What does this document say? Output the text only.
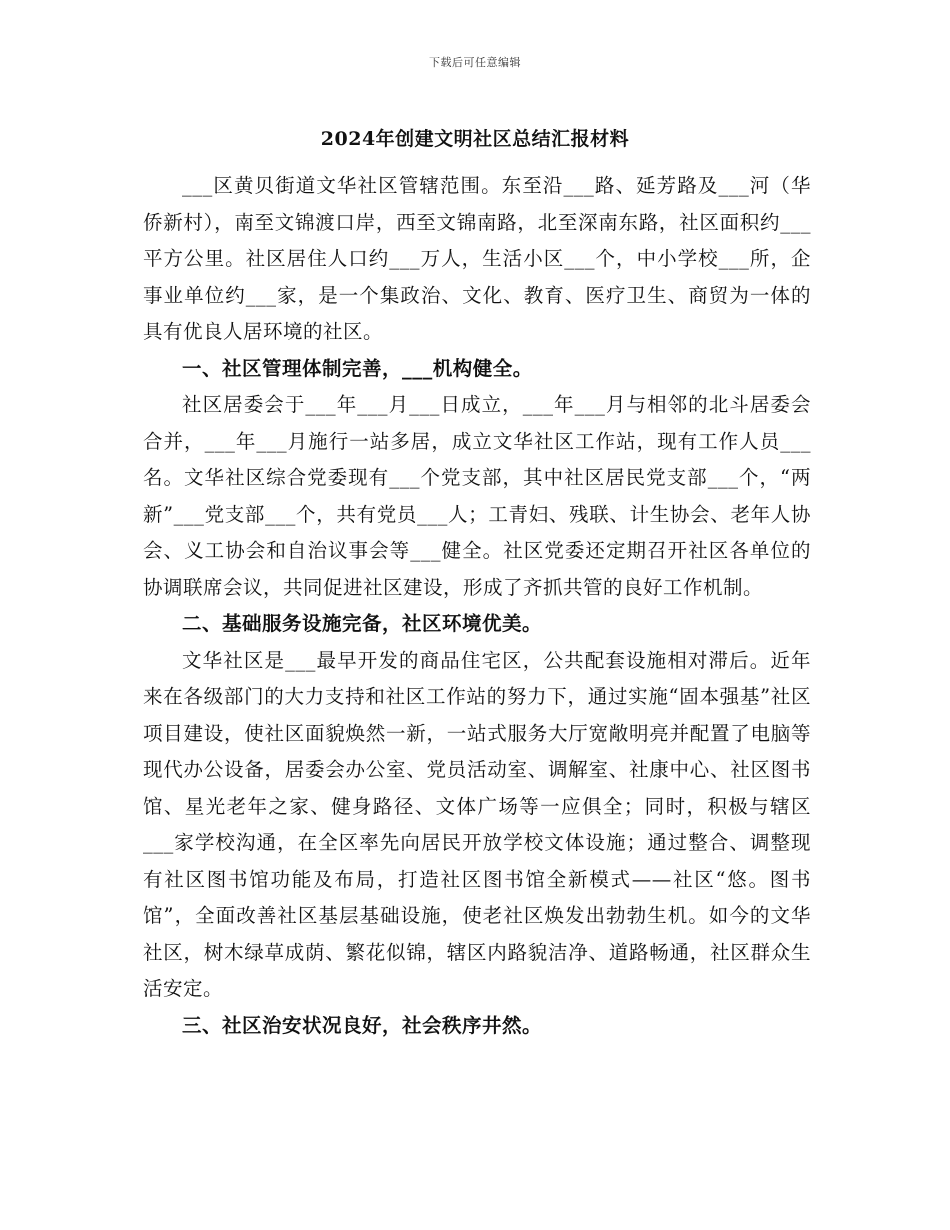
下载后可任意编辑
2024年创建文明社区总结汇报材料

___区黄贝街道文华社区管辖范围。东至沿___路、延芳路及___河（华侨新村），南至文锦渡口岸，西至文锦南路，北至深南东路，社区面积约___平方公里。社区居住人口约___万人，生活小区___个，中小学校___所，企事业单位约___家，是一个集政治、文化、教育、医疗卫生、商贸为一体的具有优良人居环境的社区。

一、社区管理体制完善，___机构健全。

社区居委会于___年___月___日成立，___年___月与相邻的北斗居委会合并，___年___月施行一站多居，成立文华社区工作站，现有工作人员___名。文华社区综合党委现有___个党支部，其中社区居民党支部___个，“两新”___党支部___个，共有党员___人；工青妇、残联、计生协会、老年人协会、义工协会和自治议事会等___健全。社区党委还定期召开社区各单位的协调联席会议，共同促进社区建设，形成了齐抓共管的良好工作机制。

二、基础服务设施完备，社区环境优美。

文华社区是___最早开发的商品住宅区，公共配套设施相对滞后。近年来在各级部门的大力支持和社区工作站的努力下，通过实施“固本强基”社区项目建设，使社区面貌焕然一新，一站式服务大厅宽敞明亮并配置了电脑等现代办公设备，居委会办公室、党员活动室、调解室、社康中心、社区图书馆、星光老年之家、健身路径、文体广场等一应俱全；同时，积极与辖区___家学校沟通，在全区率先向居民开放学校文体设施；通过整合、调整现有社区图书馆功能及布局，打造社区图书馆全新模式——社区“悠。图书馆”，全面改善社区基层基础设施，使老社区焕发出勃勃生机。如今的文华社区，树木绿草成荫、繁花似锦，辖区内路貌洁净、道路畅通，社区群众生活安定。

三、社区治安状况良好，社会秩序井然。
